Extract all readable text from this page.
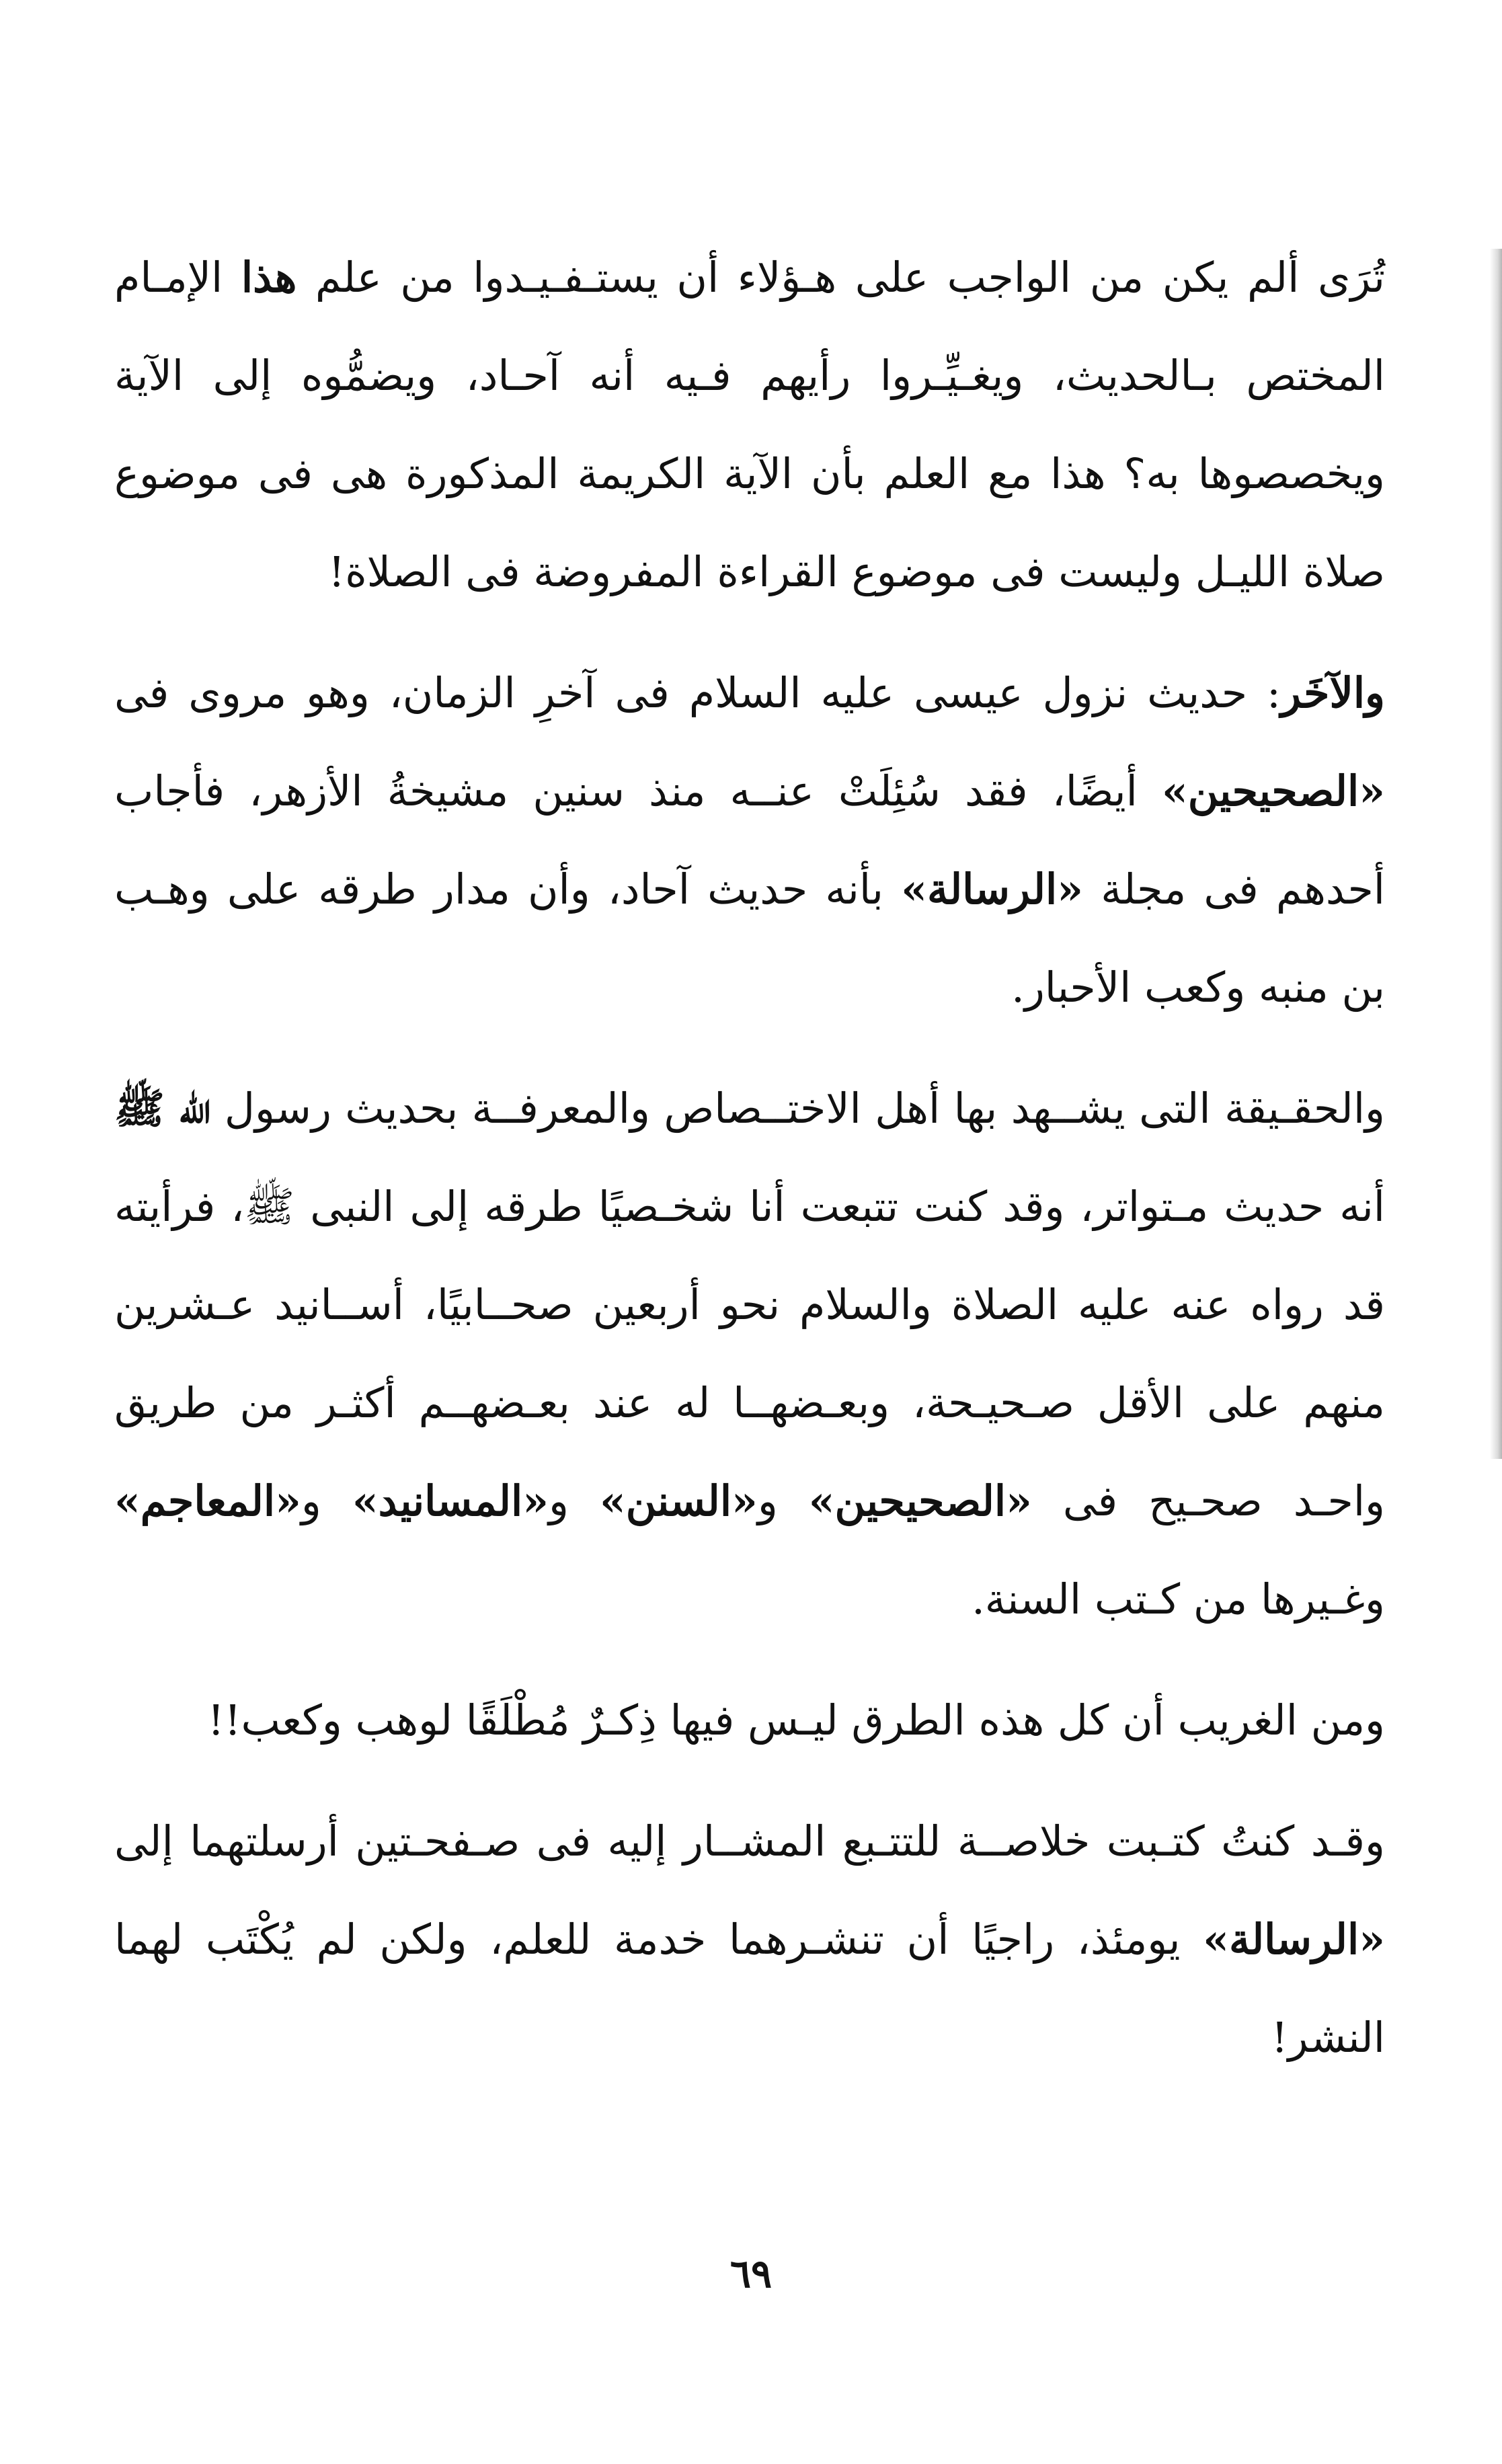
تُرَى ألم يكن من الواجب على هـؤلاء أن يستـفـيـدوا من علم هذا الإمـام المختص بـالحديث، ويغـيِّـروا رأيهم فـيه أنه آحـاد، ويضمُّوه إلى الآية ويخصصوها به؟ هذا مع العلم بأن الآية الكريمة المذكورة هى فى موضوع صلاة الليـل وليست فى موضوع القراءة المفروضة فى الصلاة!

والآخَر: حديث نزول عيسى عليه السلام فى آخرِ الزمان، وهو مروى فى «الصحيحين» أيضًا، فقد سُئِلَتْ عنــه منذ سنين مشيخةُ الأزهر، فأجاب أحدهم فى مجلة «الرسالة» بأنه حديث آحاد، وأن مدار طرقه على وهـب بن منبه وكعب الأحبار.

والحقـيقة التى يشــهد بها أهل الاختــصاص والمعرفــة بحديث رسول الله ﷺ أنه حديث مـتواتر، وقد كنت تتبعت أنا شخـصيًا طرقه إلى النبى ﷺ، فرأيته قد رواه عنه عليه الصلاة والسلام نحو أربعين صحــابيًا، أســانيد عـشرين منهم على الأقل صـحيـحة، وبعـضهــا له عند بعـضهــم أكثـر من طريق واحـد صحـيح فى «الصحيحين» و«السنن» و«المسانيد» و«المعاجم» وغـيرها من كـتب السنة.

ومن الغريب أن كل هذه الطرق ليـس فيها ذِكـرٌ مُطْلَقًا لوهب وكعب!!

وقـد كنتُ كتـبت خلاصــة للتتـبع المشــار إليه فى صـفحـتين أرسلتهما إلى «الرسالة» يومئذ، راجيًا أن تنشـرهما خدمة للعلم، ولكن لم يُكْتَب لهما النشر!

٦٩
